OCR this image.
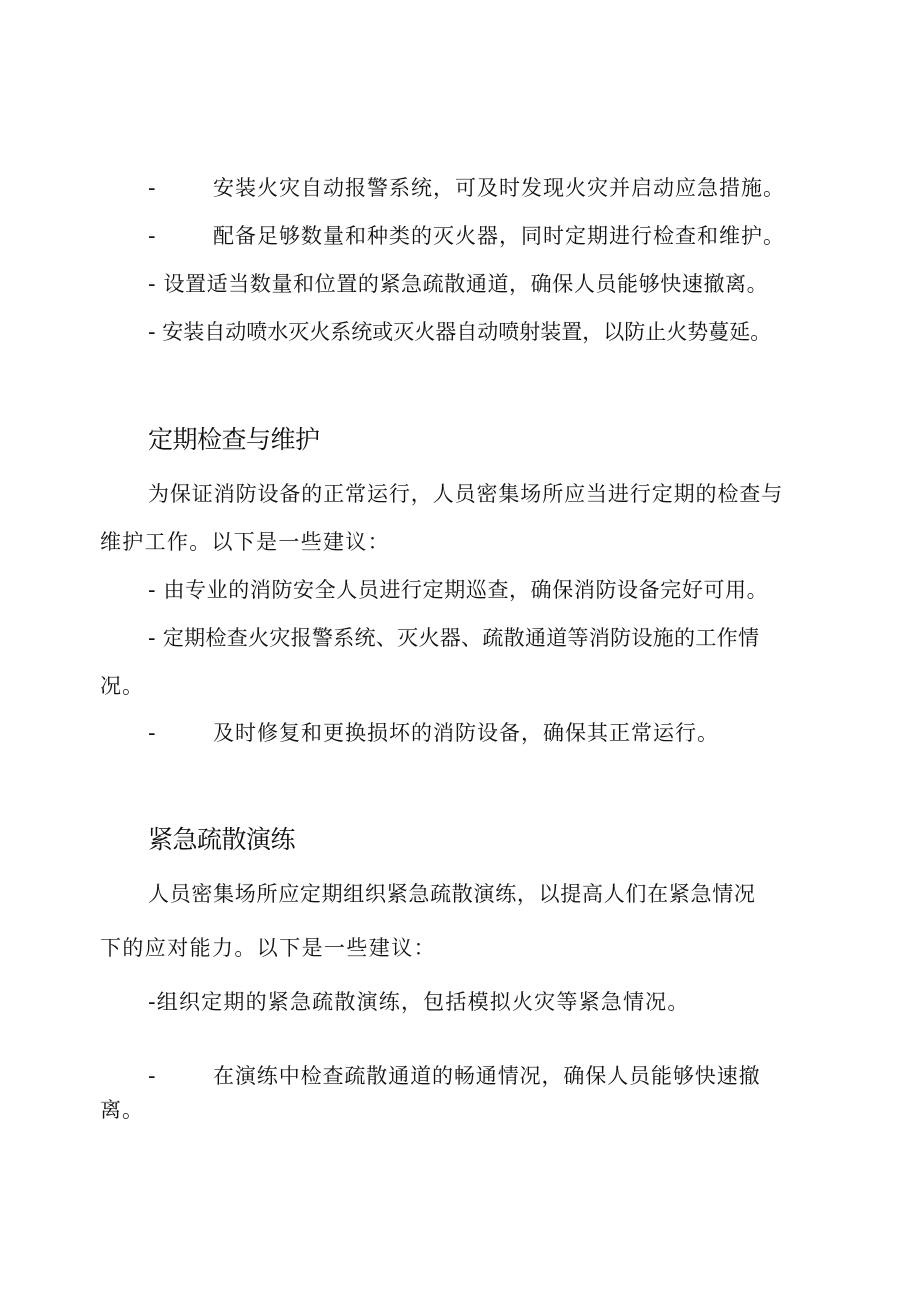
-	安装火灾自动报警系统，可及时发现火灾并启动应急措施。
-	配备足够数量和种类的灭火器，同时定期进行检查和维护。
- 设置适当数量和位置的紧急疏散通道，确保人员能够快速撤离。
- 安装自动喷水灭火系统或灭火器自动喷射装置，以防止火势蔓延。
定期检查与维护
为保证消防设备的正常运行，人员密集场所应当进行定期的检查与
维护工作。以下是一些建议：
- 由专业的消防安全人员进行定期巡查，确保消防设备完好可用。
- 定期检查火灾报警系统、灭火器、疏散通道等消防设施的工作情
况。
-	及时修复和更换损坏的消防设备，确保其正常运行。
紧急疏散演练
人员密集场所应定期组织紧急疏散演练，以提高人们在紧急情况
下的应对能力。以下是一些建议：
-组织定期的紧急疏散演练，包括模拟火灾等紧急情况。
-	在演练中检查疏散通道的畅通情况，确保人员能够快速撤
离。
